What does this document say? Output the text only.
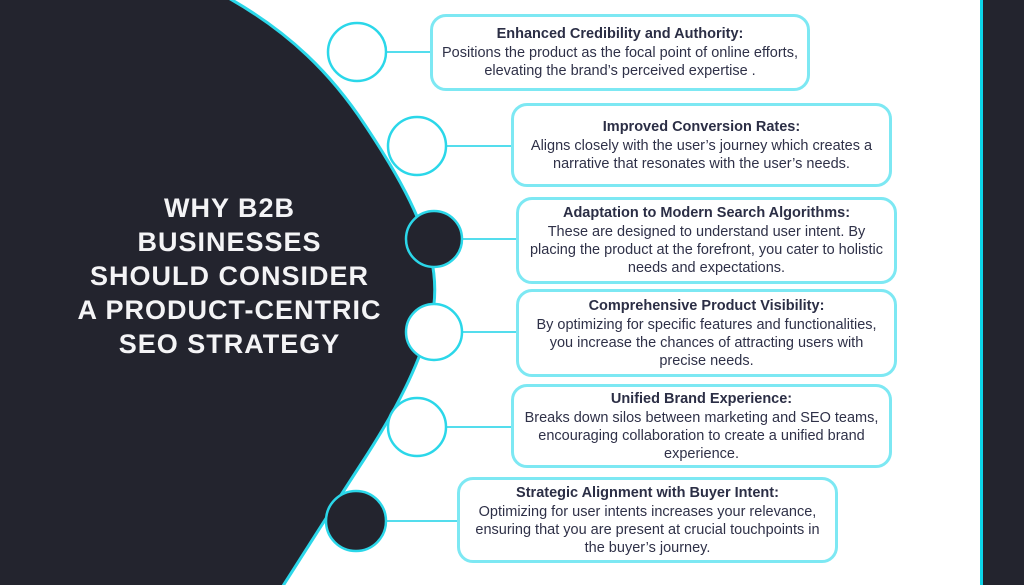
WHY B2B
BUSINESSES
SHOULD CONSIDER
A PRODUCT-CENTRIC
SEO STRATEGY
Enhanced Credibility and Authority:
Positions the product as the focal point of online efforts, elevating the brand’s perceived expertise .
Improved Conversion Rates:
Aligns closely with the user’s journey which creates a narrative that resonates with the user’s needs.
Adaptation to Modern Search Algorithms:
These are designed to understand user intent. By placing the product at the forefront, you cater to holistic needs and expectations.
Comprehensive Product Visibility:
By optimizing for specific features and functionalities, you increase the chances of attracting users with precise needs.
Unified Brand Experience:
Breaks down silos between marketing and SEO teams, encouraging collaboration to create a unified brand experience.
Strategic Alignment with Buyer Intent:
Optimizing for user intents increases your relevance, ensuring that you are present at crucial touchpoints in the buyer’s journey.
